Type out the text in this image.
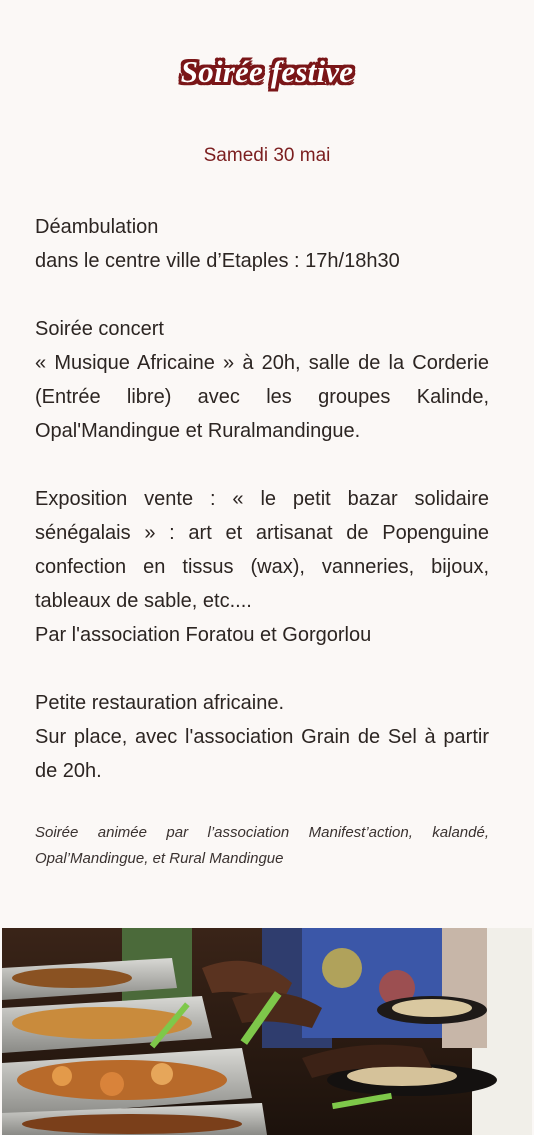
Soirée festive
Samedi 30 mai
Déambulation
dans le centre ville d’Etaples : 17h/18h30
Soirée concert
« Musique Africaine » à 20h, salle de la Corderie (Entrée libre) avec les groupes Kalinde, Opal'Mandingue et Ruralmandingue.
Exposition vente : « le petit bazar solidaire sénégalais » : art et artisanat de Popenguine confection en tissus (wax), vanneries, bijoux, tableaux de sable, etc....
Par l'association Foratou et Gorgorlou
Petite restauration africaine.
Sur place, avec l'association Grain de Sel à partir de 20h.
Soirée animée par l’association Manifest’action, kalandé, Opal’Mandingue, et Rural Mandingue
